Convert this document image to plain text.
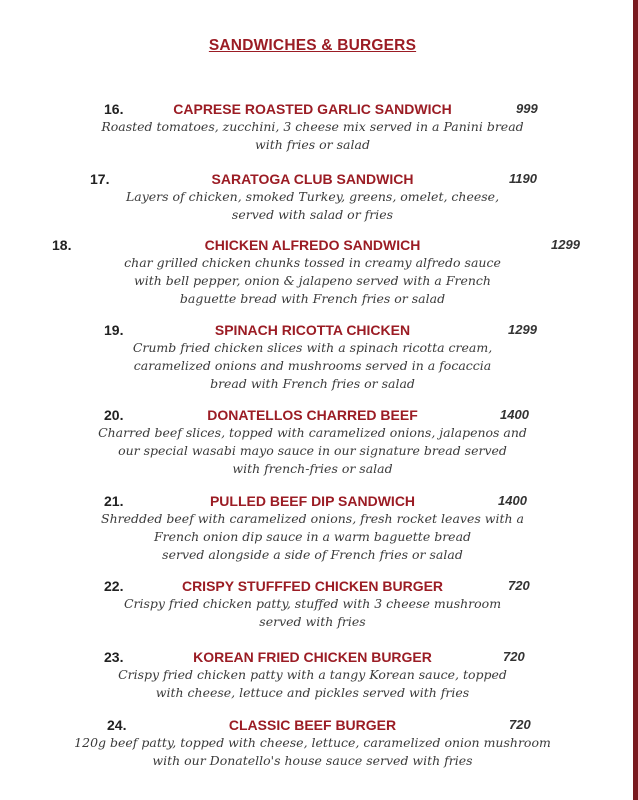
SANDWICHES & BURGERS
16.	CAPRESE ROASTED GARLIC SANDWICH	999
Roasted tomatoes, zucchini, 3 cheese mix served in a Panini bread
with fries or salad
17.	SARATOGA CLUB SANDWICH	1190
Layers of chicken, smoked Turkey, greens, omelet, cheese,
served with salad or fries
18.	CHICKEN ALFREDO SANDWICH	1299
char grilled chicken chunks tossed in creamy alfredo sauce
with bell pepper, onion & jalapeno served with a French
baguette bread with French fries or salad
19.	SPINACH RICOTTA CHICKEN	1299
Crumb fried chicken slices with a spinach ricotta cream,
caramelized onions and mushrooms served in a focaccia
bread with French fries or salad
20.	DONATELLOS CHARRED BEEF	1400
Charred beef slices, topped with caramelized onions, jalapenos and
our special wasabi mayo sauce in our signature bread served
with french-fries or salad
21.	PULLED BEEF DIP SANDWICH	1400
Shredded beef with caramelized onions, fresh rocket leaves with a
French onion dip sauce in a warm baguette bread
served alongside a side of French fries or salad
22.	CRISPY STUFFFED CHICKEN BURGER	720
Crispy fried chicken patty, stuffed with 3 cheese mushroom
served with fries
23.	KOREAN FRIED CHICKEN BURGER	720
Crispy fried chicken patty with a tangy Korean sauce, topped
with cheese, lettuce and pickles served with fries
24.	CLASSIC BEEF BURGER	720
120g beef patty, topped with cheese, lettuce, caramelized onion mushroom
with our Donatello's house sauce served with fries
